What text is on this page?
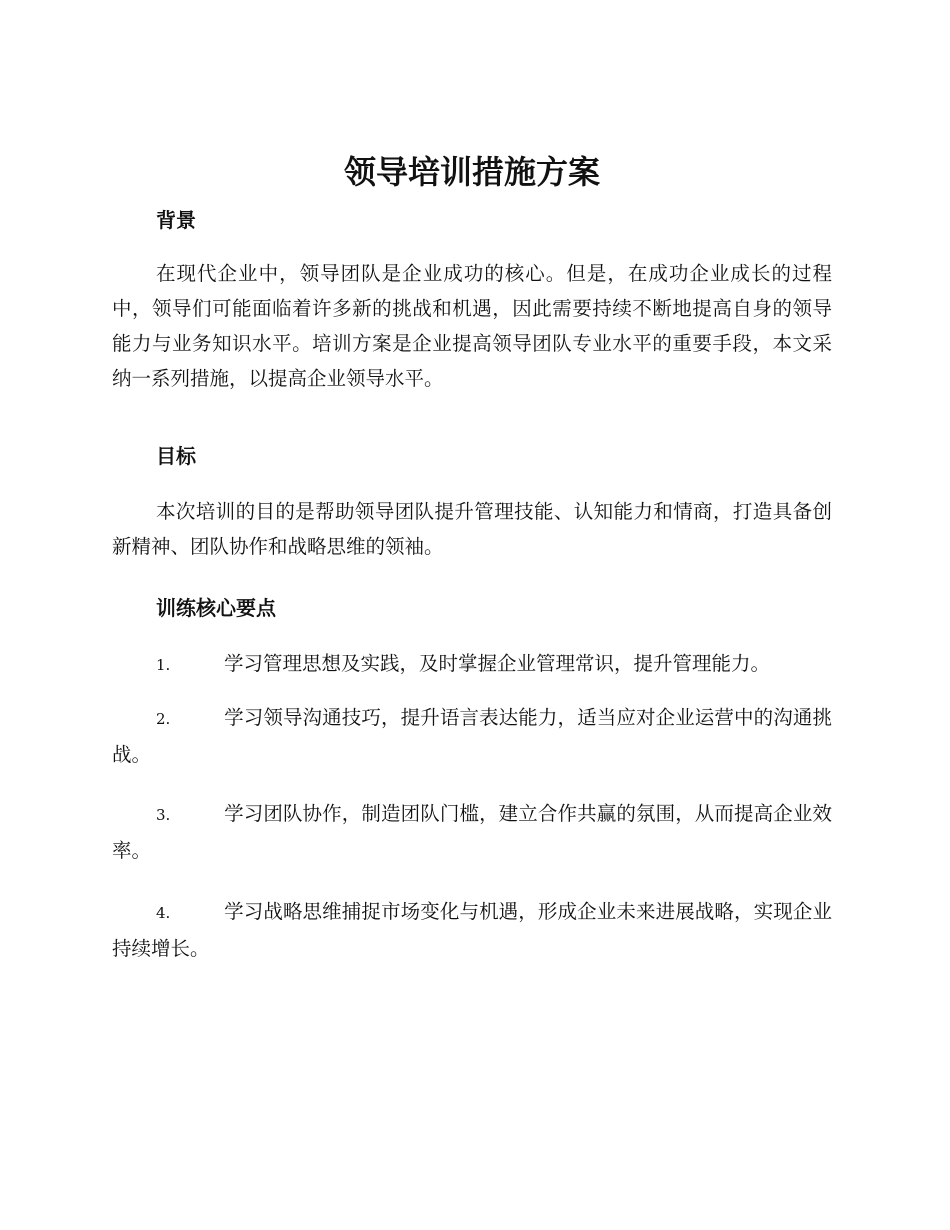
领导培训措施方案
背景

在现代企业中，领导团队是企业成功的核心。但是，在成功企业成长的过程中，领导们可能面临着许多新的挑战和机遇，因此需要持续不断地提高自身的领导能力与业务知识水平。培训方案是企业提高领导团队专业水平的重要手段，本文采纳一系列措施，以提高企业领导水平。

目标

本次培训的目的是帮助领导团队提升管理技能、认知能力和情商，打造具备创新精神、团队协作和战略思维的领袖。

训练核心要点

1.	学习管理思想及实践，及时掌握企业管理常识，提升管理能力。

2.	学习领导沟通技巧，提升语言表达能力，适当应对企业运营中的沟通挑战。

3.	学习团队协作，制造团队门槛，建立合作共赢的氛围，从而提高企业效率。

4.	学习战略思维捕捉市场变化与机遇，形成企业未来进展战略，实现企业持续增长。
